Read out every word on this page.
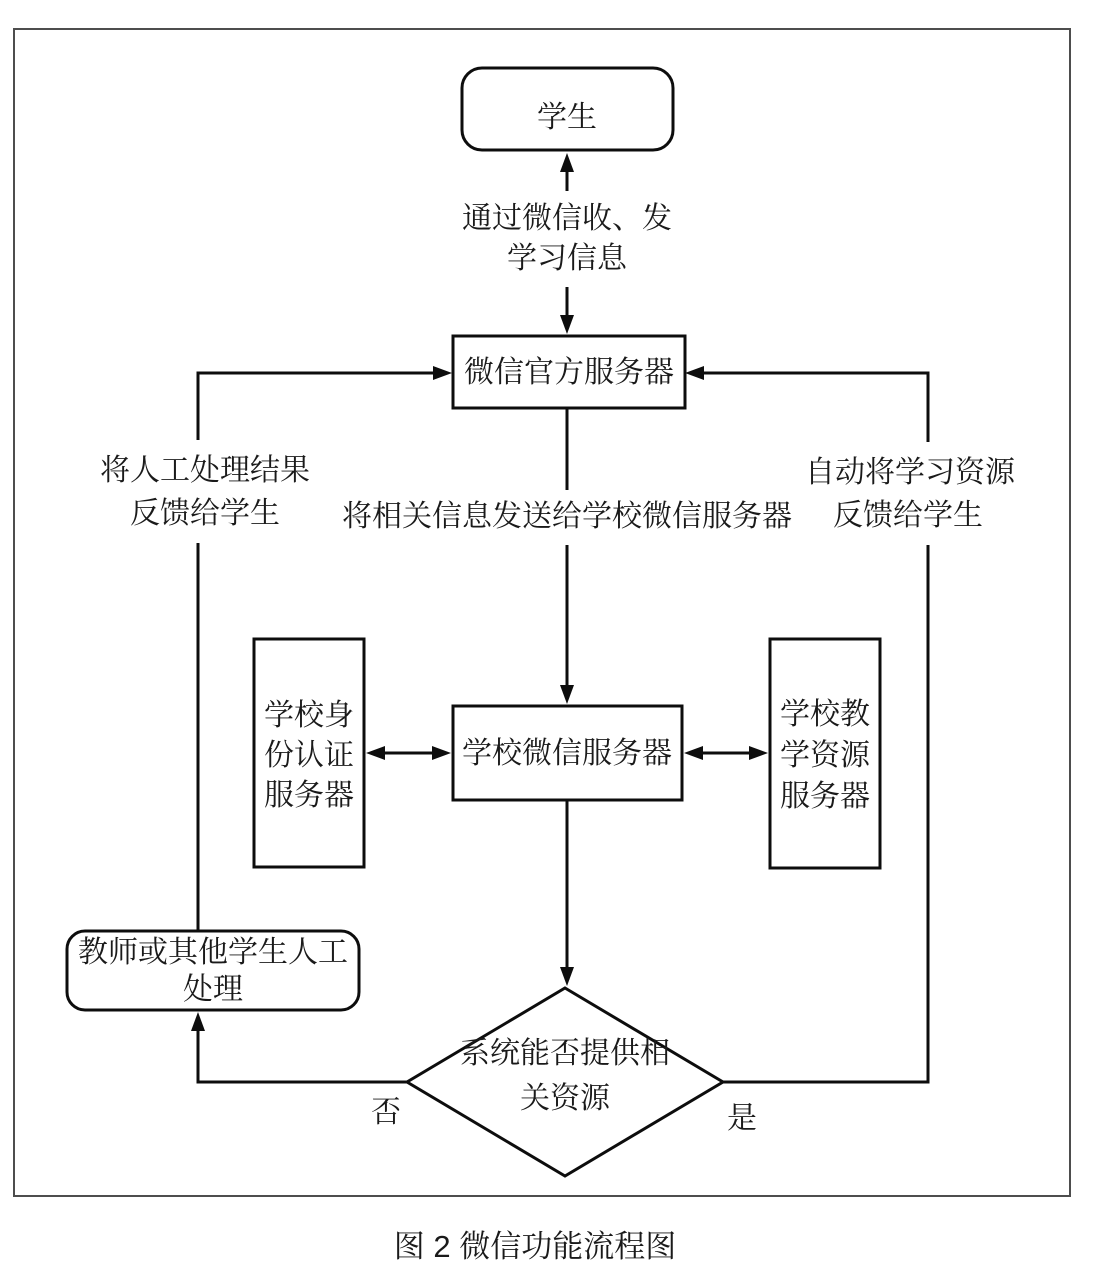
学生
通过微信收、发
学习信息
微信官方服务器
将相关信息发送给学校微信服务器
学校身
份认证
服务器
学校微信服务器
学校教
学资源
服务器
系统能否提供相
关资源
否
教师或其他学生人工
处理
将人工处理结果
反馈给学生
自动将学习资源
反馈给学生
是
图 2 微信功能流程图
